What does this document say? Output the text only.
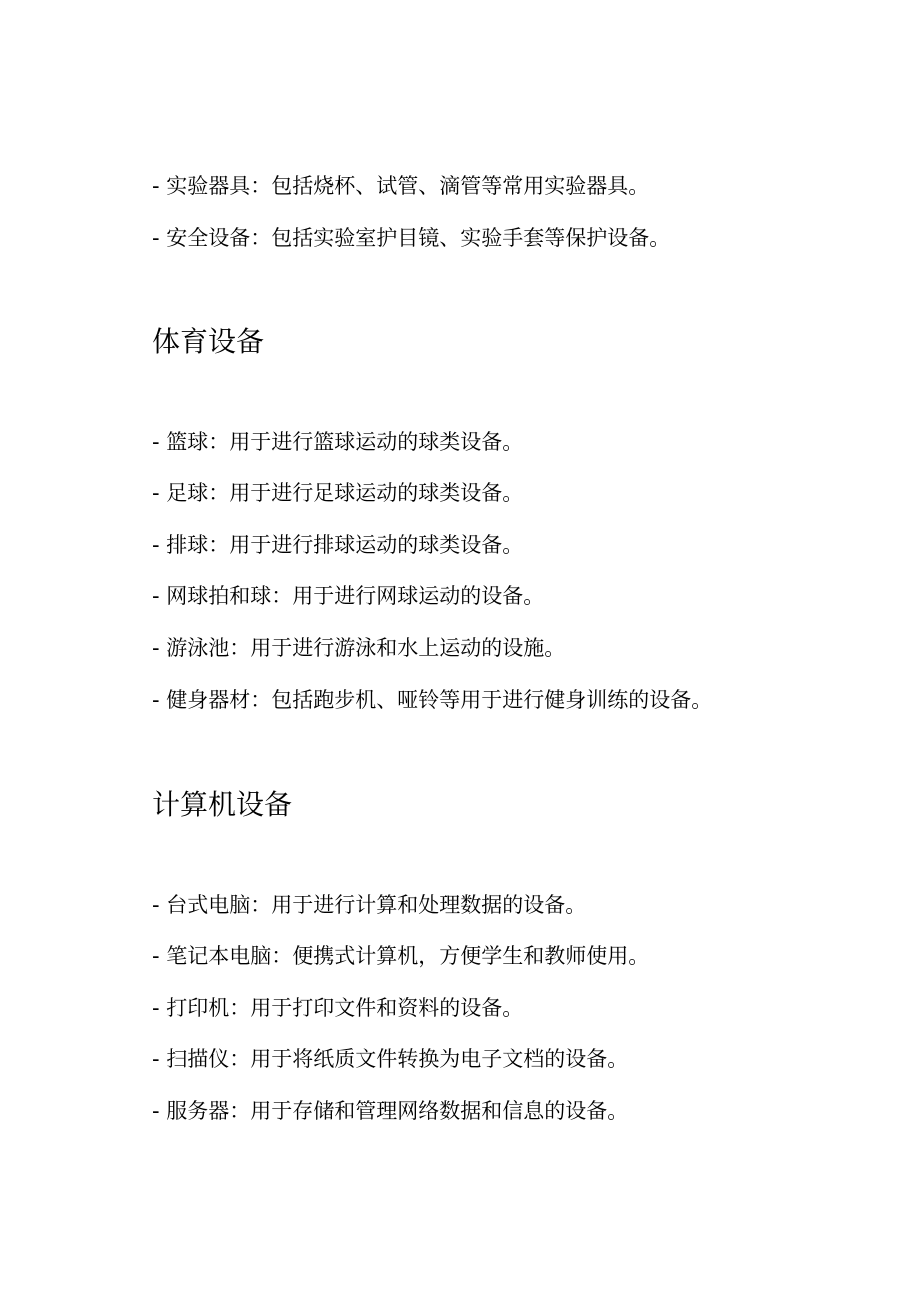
- 实验器具：包括烧杯、试管、滴管等常用实验器具。
- 安全设备：包括实验室护目镜、实验手套等保护设备。
体育设备
- 篮球：用于进行篮球运动的球类设备。
- 足球：用于进行足球运动的球类设备。
- 排球：用于进行排球运动的球类设备。
- 网球拍和球：用于进行网球运动的设备。
- 游泳池：用于进行游泳和水上运动的设施。
- 健身器材：包括跑步机、哑铃等用于进行健身训练的设备。
计算机设备
- 台式电脑：用于进行计算和处理数据的设备。
- 笔记本电脑：便携式计算机，方便学生和教师使用。
- 打印机：用于打印文件和资料的设备。
- 扫描仪：用于将纸质文件转换为电子文档的设备。
- 服务器：用于存储和管理网络数据和信息的设备。
